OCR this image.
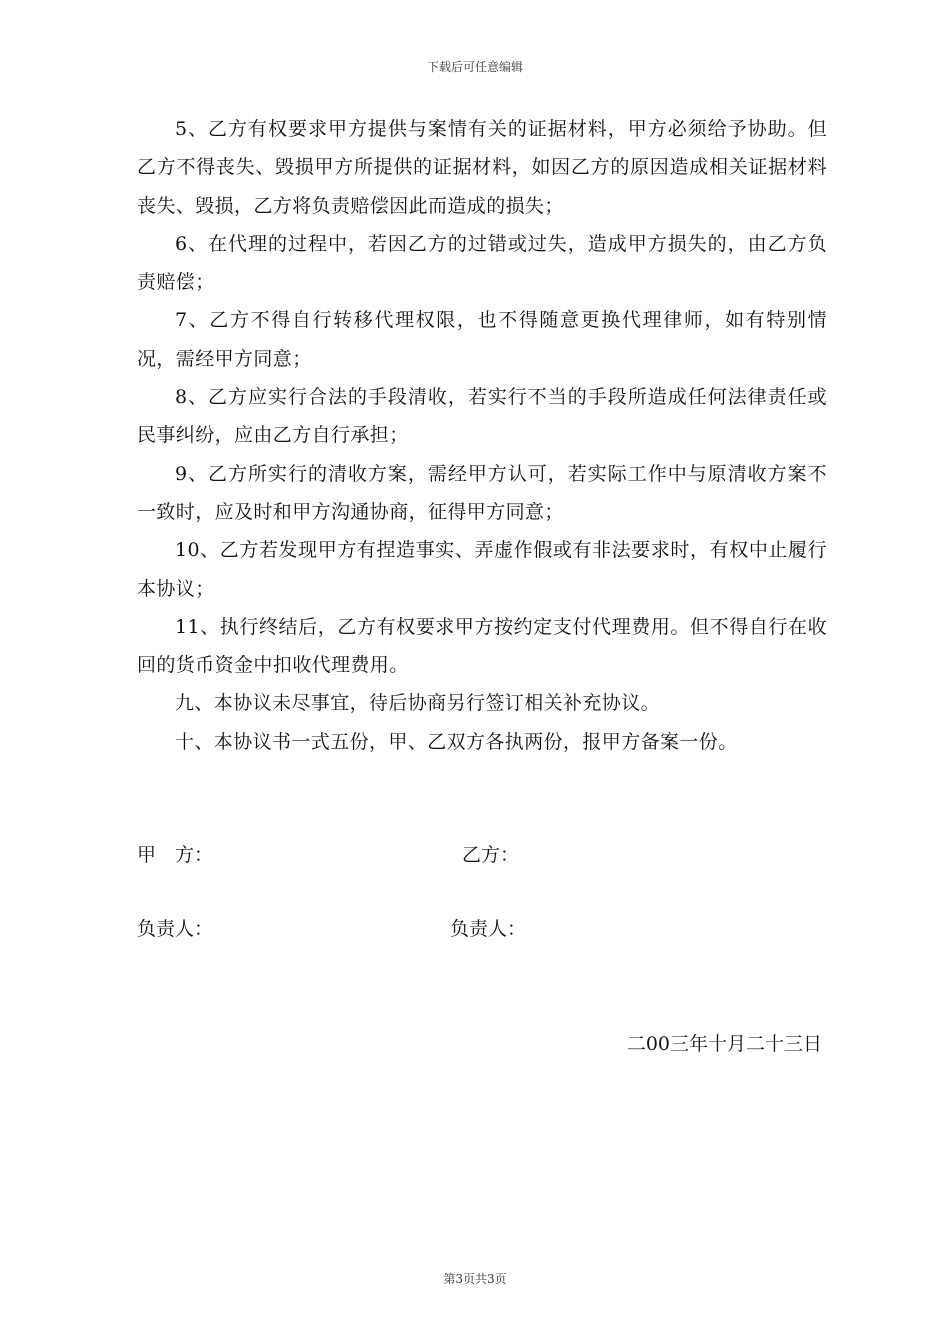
下载后可任意编辑

5、乙方有权要求甲方提供与案情有关的证据材料，甲方必须给予协助。但乙方不得丧失、毁损甲方所提供的证据材料，如因乙方的原因造成相关证据材料丧失、毁损，乙方将负责赔偿因此而造成的损失；

6、在代理的过程中，若因乙方的过错或过失，造成甲方损失的，由乙方负责赔偿；

7、乙方不得自行转移代理权限，也不得随意更换代理律师，如有特别情况，需经甲方同意；

8、乙方应实行合法的手段清收，若实行不当的手段所造成任何法律责任或民事纠纷，应由乙方自行承担；

9、乙方所实行的清收方案，需经甲方认可，若实际工作中与原清收方案不一致时，应及时和甲方沟通协商，征得甲方同意；

10、乙方若发现甲方有捏造事实、弄虚作假或有非法要求时，有权中止履行本协议；

11、执行终结后，乙方有权要求甲方按约定支付代理费用。但不得自行在收回的货币资金中扣收代理费用。

九、本协议未尽事宜，待后协商另行签订相关补充协议。

十、本协议书一式五份，甲、乙双方各执两份，报甲方备案一份。

甲　方：	乙方：
负责人：	负责人：
二00三年十月二十三日
第3页共3页
